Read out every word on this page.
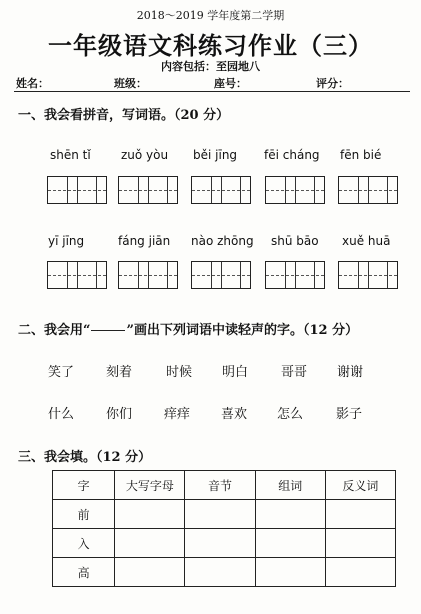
2018～2019 学年度第二学期
一年级语文科练习作业（三）
内容包括：至园地八
姓名：	班级：	座号：	评分：
一、我会看拼音，写词语。（20 分）
shēn tǐ	zuǒ yòu běi jīng fēi cháng fēn bié
yī jīng	fáng jiān nào zhōng shū bāo xuě huā
二、我会用“	”画出下列词语中读轻声的字。（12 分）
笑了 刻着	时候 明白	哥哥 谢谢
什么 你们 痒痒 喜欢 怎么	影子
三、我会填。（12 分）
字	大写字母	音节	组词	反义词
前				
入				
高				
